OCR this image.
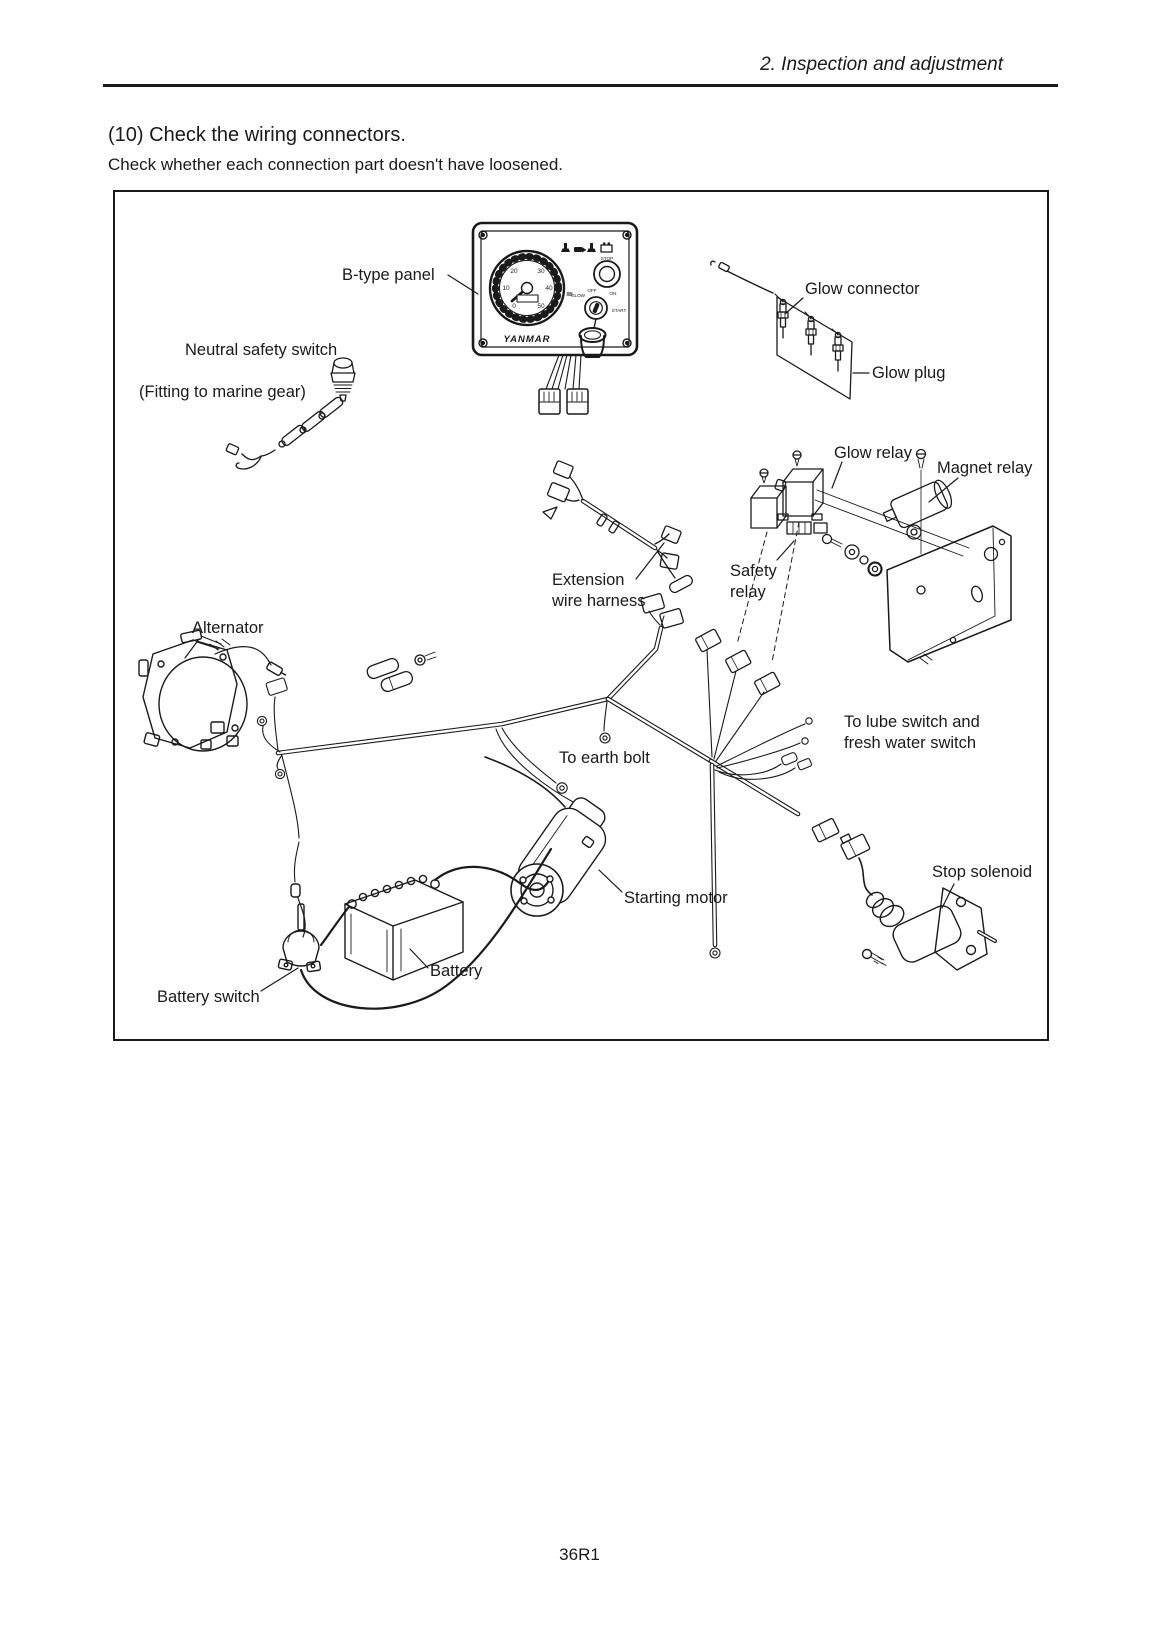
2. Inspection and adjustment
(10) Check the wiring connectors.
Check whether each connection part doesn't have loosened.
STOP
GLOW
OFF
ON
START
YANMAR
0
10
20	30
40
50
B-type panel
Neutral safety switch
(Fitting to marine gear)
Glow connector
Glow plug
Glow relay
Magnet relay
Safety
relay
Extension
wire harness
Alternator
To earth bolt
To lube switch and
fresh water switch
Starting motor
Battery
Battery switch
Stop solenoid
36R1
